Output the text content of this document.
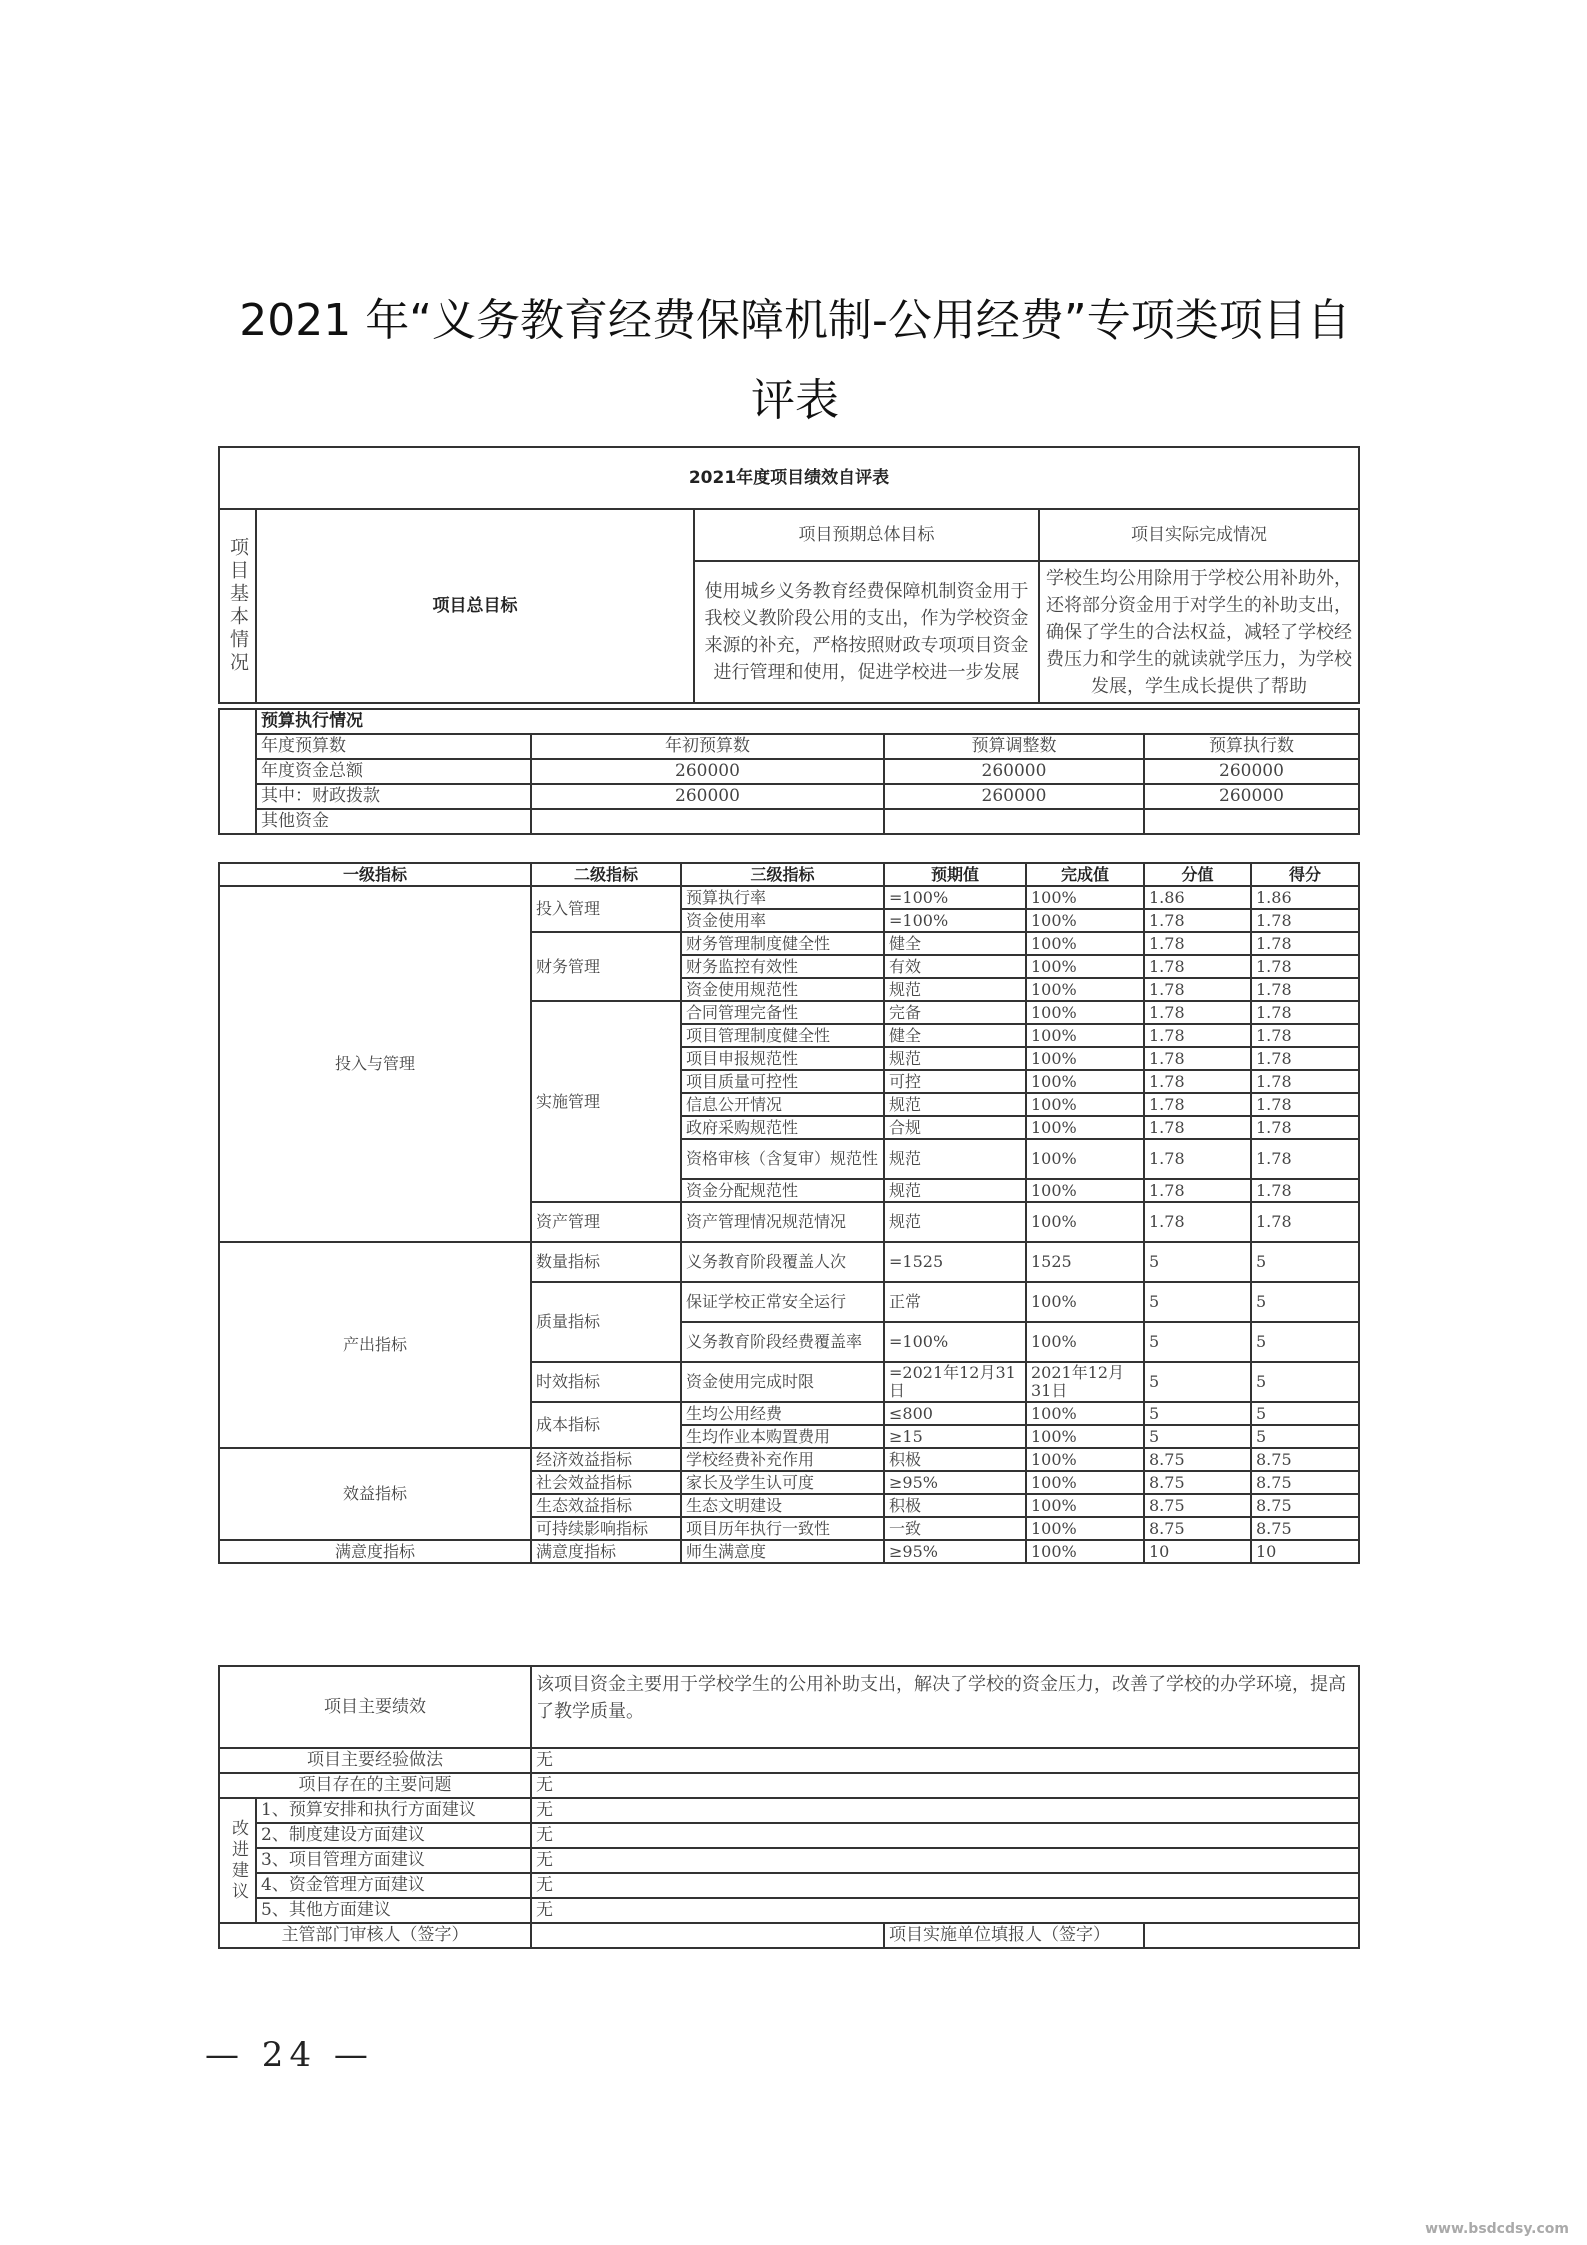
2021 年“义务教育经费保障机制-公用经费”专项类项目自
评表
2021年度项目绩效自评表			
项目基本情况	项目总目标	项目预期总体目标	项目实际完成情况
		使用城乡义务教育经费保障机制资金用于我校义教阶段公用的支出，作为学校资金来源的补充，严格按照财政专项项目资金进行管理和使用，促进学校进一步发展	学校生均公用除用于学校公用补助外，还将部分资金用于对学生的补助支出，确保了学生的合法权益，减轻了学校经费压力和学生的就读就学压力，为学校发展，学生成长提供了帮助
	预算执行情况			
	年度预算数	年初预算数	预算调整数	预算执行数
	年度资金总额	260000	260000	260000
	其中：财政拨款	260000	260000	260000
	其他资金			
一级指标	二级指标	三级指标	预期值	完成值	分值	得分
投入与管理	投入管理	预算执行率	=100%	100%	1.86	1.86
		资金使用率	=100%	100%	1.78	1.78
	财务管理	财务管理制度健全性	健全	100%	1.78	1.78
		财务监控有效性	有效	100%	1.78	1.78
		资金使用规范性	规范	100%	1.78	1.78
	实施管理	合同管理完备性	完备	100%	1.78	1.78
		项目管理制度健全性	健全	100%	1.78	1.78
		项目申报规范性	规范	100%	1.78	1.78
		项目质量可控性	可控	100%	1.78	1.78
		信息公开情况	规范	100%	1.78	1.78
		政府采购规范性	合规	100%	1.78	1.78
		资格审核（含复审）规范性	规范	100%	1.78	1.78
		资金分配规范性	规范	100%	1.78	1.78
	资产管理	资产管理情况规范情况	规范	100%	1.78	1.78
产出指标	数量指标	义务教育阶段覆盖人次	=1525	1525	5	5
	质量指标	保证学校正常安全运行	正常	100%	5	5
		义务教育阶段经费覆盖率	=100%	100%	5	5
	时效指标	资金使用完成时限	=2021年12月31日	2021年12月31日	5	5
	成本指标	生均公用经费	≤800	100%	5	5
		生均作业本购置费用	≥15	100%	5	5
效益指标	经济效益指标	学校经费补充作用	积极	100%	8.75	8.75
	社会效益指标	家长及学生认可度	≥95%	100%	8.75	8.75
	生态效益指标	生态文明建设	积极	100%	8.75	8.75
	可持续影响指标	项目历年执行一致性	一致	100%	8.75	8.75
满意度指标	满意度指标	师生满意度	≥95%	100%	10	10
项目主要绩效		该项目资金主要用于学校学生的公用补助支出，解决了学校的资金压力，改善了学校的办学环境，提高了教学质量。		
项目主要经验做法		无		
项目存在的主要问题		无		
改进建议	1、预算安排和执行方面建议	无		
	2、制度建设方面建议	无		
	3、项目管理方面建议	无		
	4、资金管理方面建议	无		
	5、其他方面建议	无		
主管部门审核人（签字）			项目实施单位填报人（签字）	
— 24 —
www.bsdcdsy.com
